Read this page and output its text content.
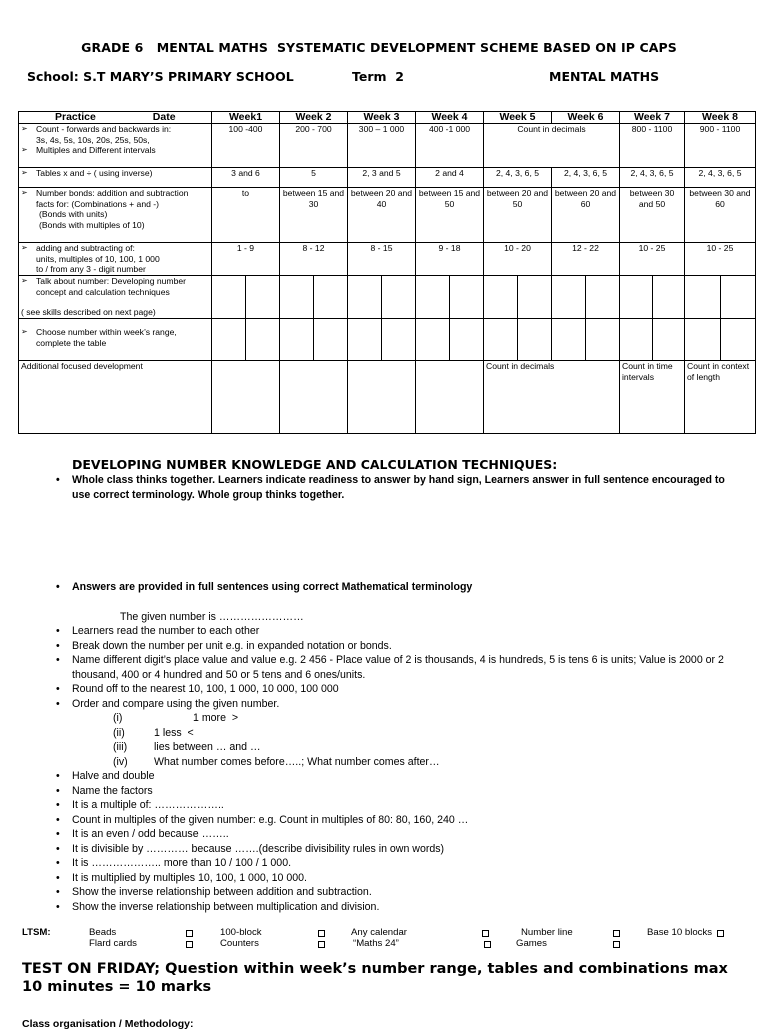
GRADE 6   MENTAL MATHS  SYSTEMATIC DEVELOPMENT SCHEME BASED ON IP CAPS
School: S.T MARY’S PRIMARY SCHOOL	Term  2	MENTAL MATHS
Practice Date	Week1		Week 2		Week 3		Week 4		Week 5		Week 6		Week 7		Week 8	

➢ Count - forwards and backwards in:
3s, 4s, 5s, 10s, 20s, 25s, 50s,
➢ Multiples and Different intervals	100 -400		200 - 700		300 – 1 000		400 -1 000		Count in decimals				800 - 1100		900 - 1100	

➢ Tables x and ÷ ( using inverse)	3 and 6		5		2, 3 and 5		2 and 4		2, 4, 3, 6, 5		2, 4, 3, 6, 5		2, 4, 3, 6, 5		2, 4, 3, 6, 5	

➢ Number bonds: addition and subtraction
facts for: (Combinations + and -)
(Bonds with units)
(Bonds with multiples of 10)	to		between 15 and 30		between 20 and 40		between 15 and 50		between 20 and 50		between 20 and 60		between 30 and 50		between 30 and 60	

➢ adding and subtracting of:
units, multiples of 10, 100, 1 000
to / from any 3 - digit number	1 - 9		8 - 12		8 - 15		9 - 18		10 - 20		12 - 22		10 - 25		10 - 25	

➢ Talk about number: Developing number
concept and calculation techniques
( see skills described on next page)

➢ Choose number within week’s range,
complete the table

Additional focused development									Count in decimals				Count in time intervals		Count in context of length	
DEVELOPING NUMBER KNOWLEDGE AND CALCULATION TECHNIQUES:
• Whole class thinks together. Learners indicate readiness to answer by hand sign, Learners answer in full sentence encouraged to use correct terminology. Whole group thinks together.
• Answers are provided in full sentences using correct Mathematical terminology
The given number is ……………………
• Learners read the number to each other
• Break down the number per unit e.g. in expanded notation or bonds.
• Name different digit’s place value and value e.g. 2 456 - Place value of 2 is thousands, 4 is hundreds, 5 is tens 6 is units; Value is 2000 or 2 thousand, 400 or 4 hundred and 50 or 5 tens and 6 ones/units.
• Round off to the nearest 10, 100, 1 000, 10 000, 100 000
• Order and compare using the given number.
(i)	1 more  >
(ii)	1 less  <
(iii)	lies between … and …
(iv) What number comes before…..; What number comes after…
• Halve and double
• Name the factors
• It is a multiple of: ………………..
• Count in multiples of the given number: e.g. Count in multiples of 80: 80, 160, 240 …
• It is an even / odd because ……..
• It is divisible by ………… because …….(describe divisibility rules in own words)
• It is ……………….. more than 10 / 100 / 1 000.
• It is multiplied by multiples 10, 100, 1 000, 10 000.
• Show the inverse relationship between addition and subtraction.
• Show the inverse relationship between multiplication and division.
LTSM:	Beads	100-block	Any calendar	Number line	Base 10 blocks
Flard cards	Counters	“Maths 24”	Games
TEST ON FRIDAY; Question within week’s number range, tables and combinations max 10 minutes = 10 marks
Class organisation / Methodology:
